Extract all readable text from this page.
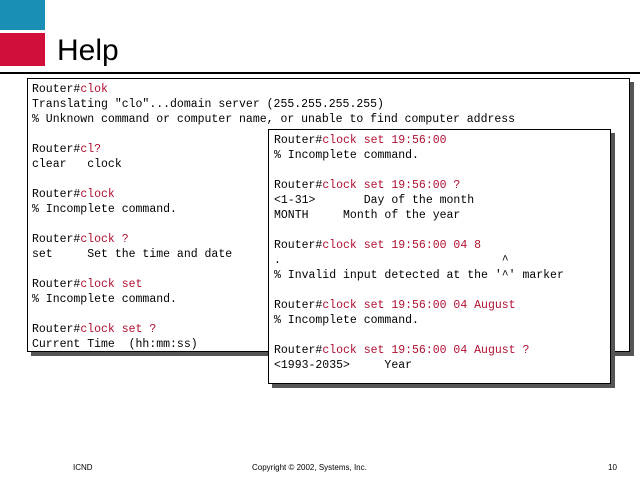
Help
Router#clok
Translating "clo"...domain server (255.255.255.255)
% Unknown command or computer name, or unable to find computer address
Router#cl?
clear   clock
Router#clock
% Incomplete command.
Router#clock ?
set     Set the time and date
Router#clock set
% Incomplete command.
Router#clock set ?
Current Time  (hh:mm:ss)
Router#clock set 19:56:00
% Incomplete command.
Router#clock set 19:56:00 ?
<1-31>       Day of the month
MONTH     Month of the year
Router#clock set 19:56:00 04 8
.                                ^
% Invalid input detected at the '^' marker
Router#clock set 19:56:00 04 August
% Incomplete command.
Router#clock set 19:56:00 04 August ?
<1993-2035>     Year
ICND	Copyright © 2002, Systems, Inc.	10
